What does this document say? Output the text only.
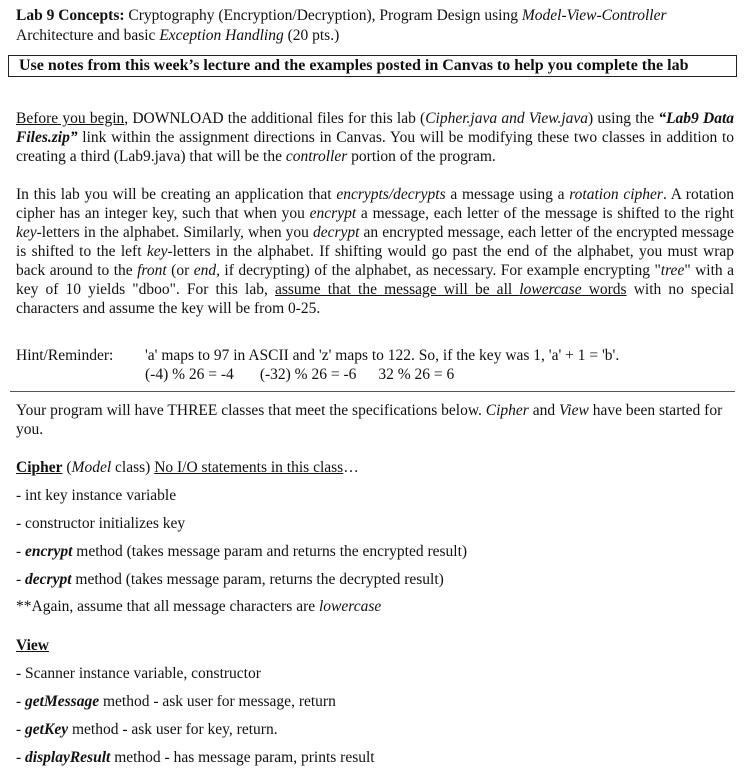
Lab 9 Concepts: Cryptography (Encryption/Decryption), Program Design using Model-View-Controller Architecture and basic Exception Handling (20 pts.)
Use notes from this week’s lecture and the examples posted in Canvas to help you complete the lab
Before you begin, DOWNLOAD the additional files for this lab (Cipher.java and View.java) using the “Lab9 Data Files.zip” link within the assignment directions in Canvas. You will be modifying these two classes in addition to creating a third (Lab9.java) that will be the controller portion of the program.
In this lab you will be creating an application that encrypts/decrypts a message using a rotation cipher. A rotation cipher has an integer key, such that when you encrypt a message, each letter of the message is shifted to the right key-letters in the alphabet. Similarly, when you decrypt an encrypted message, each letter of the encrypted message is shifted to the left key-letters in the alphabet. If shifting would go past the end of the alphabet, you must wrap back around to the front (or end, if decrypting) of the alphabet, as necessary. For example encrypting "tree" with a key of 10 yields "dboo". For this lab, assume that the message will be all lowercase words with no special characters and assume the key will be from 0-25.
Hint/Reminder: 'a' maps to 97 in ASCII and 'z' maps to 122. So, if the key was 1, 'a' + 1 = 'b'.
(-4) % 26 = -4 (-32) % 26 = -6 32 % 26 = 6
Your program will have THREE classes that meet the specifications below. Cipher and View have been started for you.
Cipher (Model class) No I/O statements in this class…
- int key instance variable
- constructor initializes key
- encrypt method (takes message param and returns the encrypted result)
- decrypt method (takes message param, returns the decrypted result)
**Again, assume that all message characters are lowercase
View
- Scanner instance variable, constructor
- getMessage method - ask user for message, return
- getKey method - ask user for key, return.
- displayResult method - has message param, prints result
